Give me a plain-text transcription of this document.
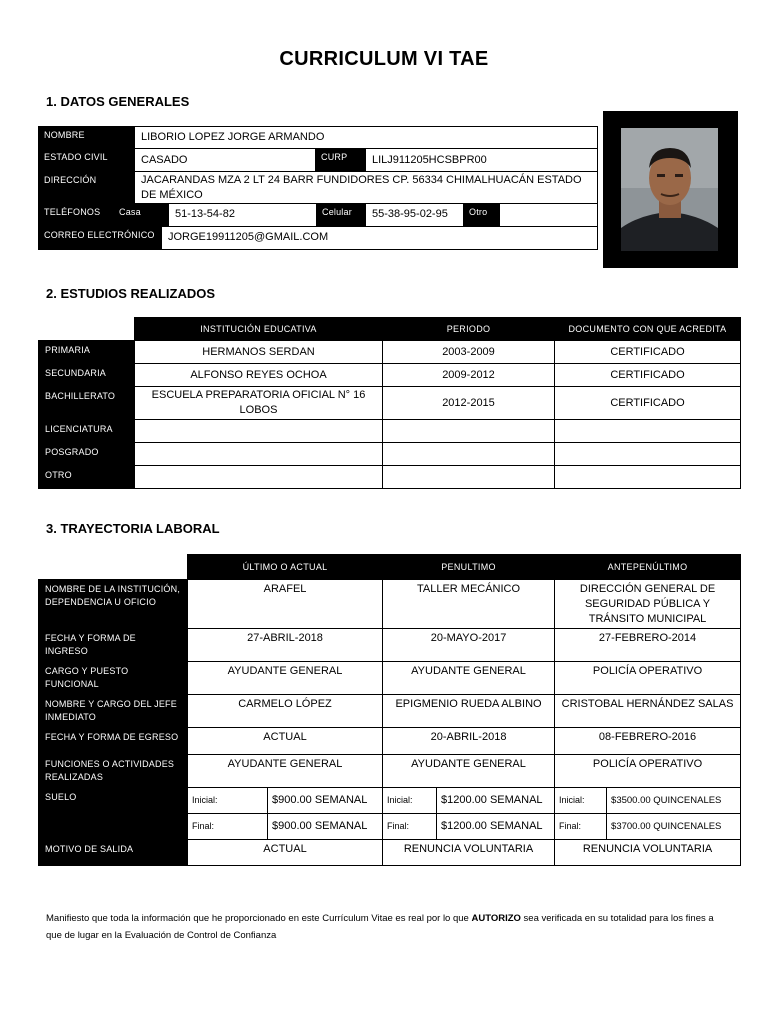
CURRICULUM VI TAE
1. DATOS GENERALES
NOMBRE	LIBORIO LOPEZ JORGE ARMANDO
ESTADO CIVIL	CASADO	CURP	LILJ911205HCSBPR00
DIRECCIÓN	JACARANDAS MZA 2 LT 24 BARR FUNDIDORES CP. 56334 CHIMALHUACÁN ESTADO DE MÉXICO
TELÉFONOS Casa	51-13-54-82	Celular	55-38-95-02-95	Otro
CORREO ELECTRÓNICO	JORGE19911205@GMAIL.COM
2. ESTUDIOS REALIZADOS
	INSTITUCIÓN EDUCATIVA	PERIODO	DOCUMENTO CON QUE ACREDITA
PRIMARIA	HERMANOS SERDAN	2003-2009	CERTIFICADO
SECUNDARIA	ALFONSO REYES OCHOA	2009-2012	CERTIFICADO
BACHILLERATO	ESCUELA PREPARATORIA OFICIAL N° 16 LOBOS	2012-2015	CERTIFICADO
LICENCIATURA			
POSGRADO			
OTRO			
3. TRAYECTORIA LABORAL
	ÚLTIMO O ACTUAL		PENULTIMO		ANTEPENÚLTIMO	
NOMBRE DE LA INSTITUCIÓN, DEPENDENCIA U OFICIO	ARAFEL		TALLER MECÁNICO		DIRECCIÓN GENERAL DE SEGURIDAD PÚBLICA Y TRÁNSITO MUNICIPAL	
FECHA Y FORMA DE INGRESO	27-ABRIL-2018		20-MAYO-2017		27-FEBRERO-2014	
CARGO Y PUESTO FUNCIONAL	AYUDANTE GENERAL		AYUDANTE GENERAL		POLICÍA OPERATIVO	
NOMBRE Y CARGO DEL JEFE INMEDIATO	CARMELO LÓPEZ		EPIGMENIO RUEDA ALBINO		CRISTOBAL HERNÁNDEZ SALAS	
FECHA Y FORMA DE EGRESO	ACTUAL		20-ABRIL-2018		08-FEBRERO-2016	
FUNCIONES O ACTIVIDADES REALIZADAS	AYUDANTE GENERAL		AYUDANTE GENERAL		POLICÍA OPERATIVO	
SUELO	Inicial:	$900.00 SEMANAL	Inicial:	$1200.00 SEMANAL	Inicial:	$3500.00 QUINCENALES
	Final:	$900.00 SEMANAL	Final:	$1200.00 SEMANAL	Final:	$3700.00 QUINCENALES
MOTIVO DE SALIDA	ACTUAL		RENUNCIA VOLUNTARIA		RENUNCIA VOLUNTARIA	
Manifiesto que toda la información que he proporcionado en este Currículum Vitae es real por lo que AUTORIZO sea verificada en su totalidad para los fines a que de lugar en la Evaluación de Control de Confianza
